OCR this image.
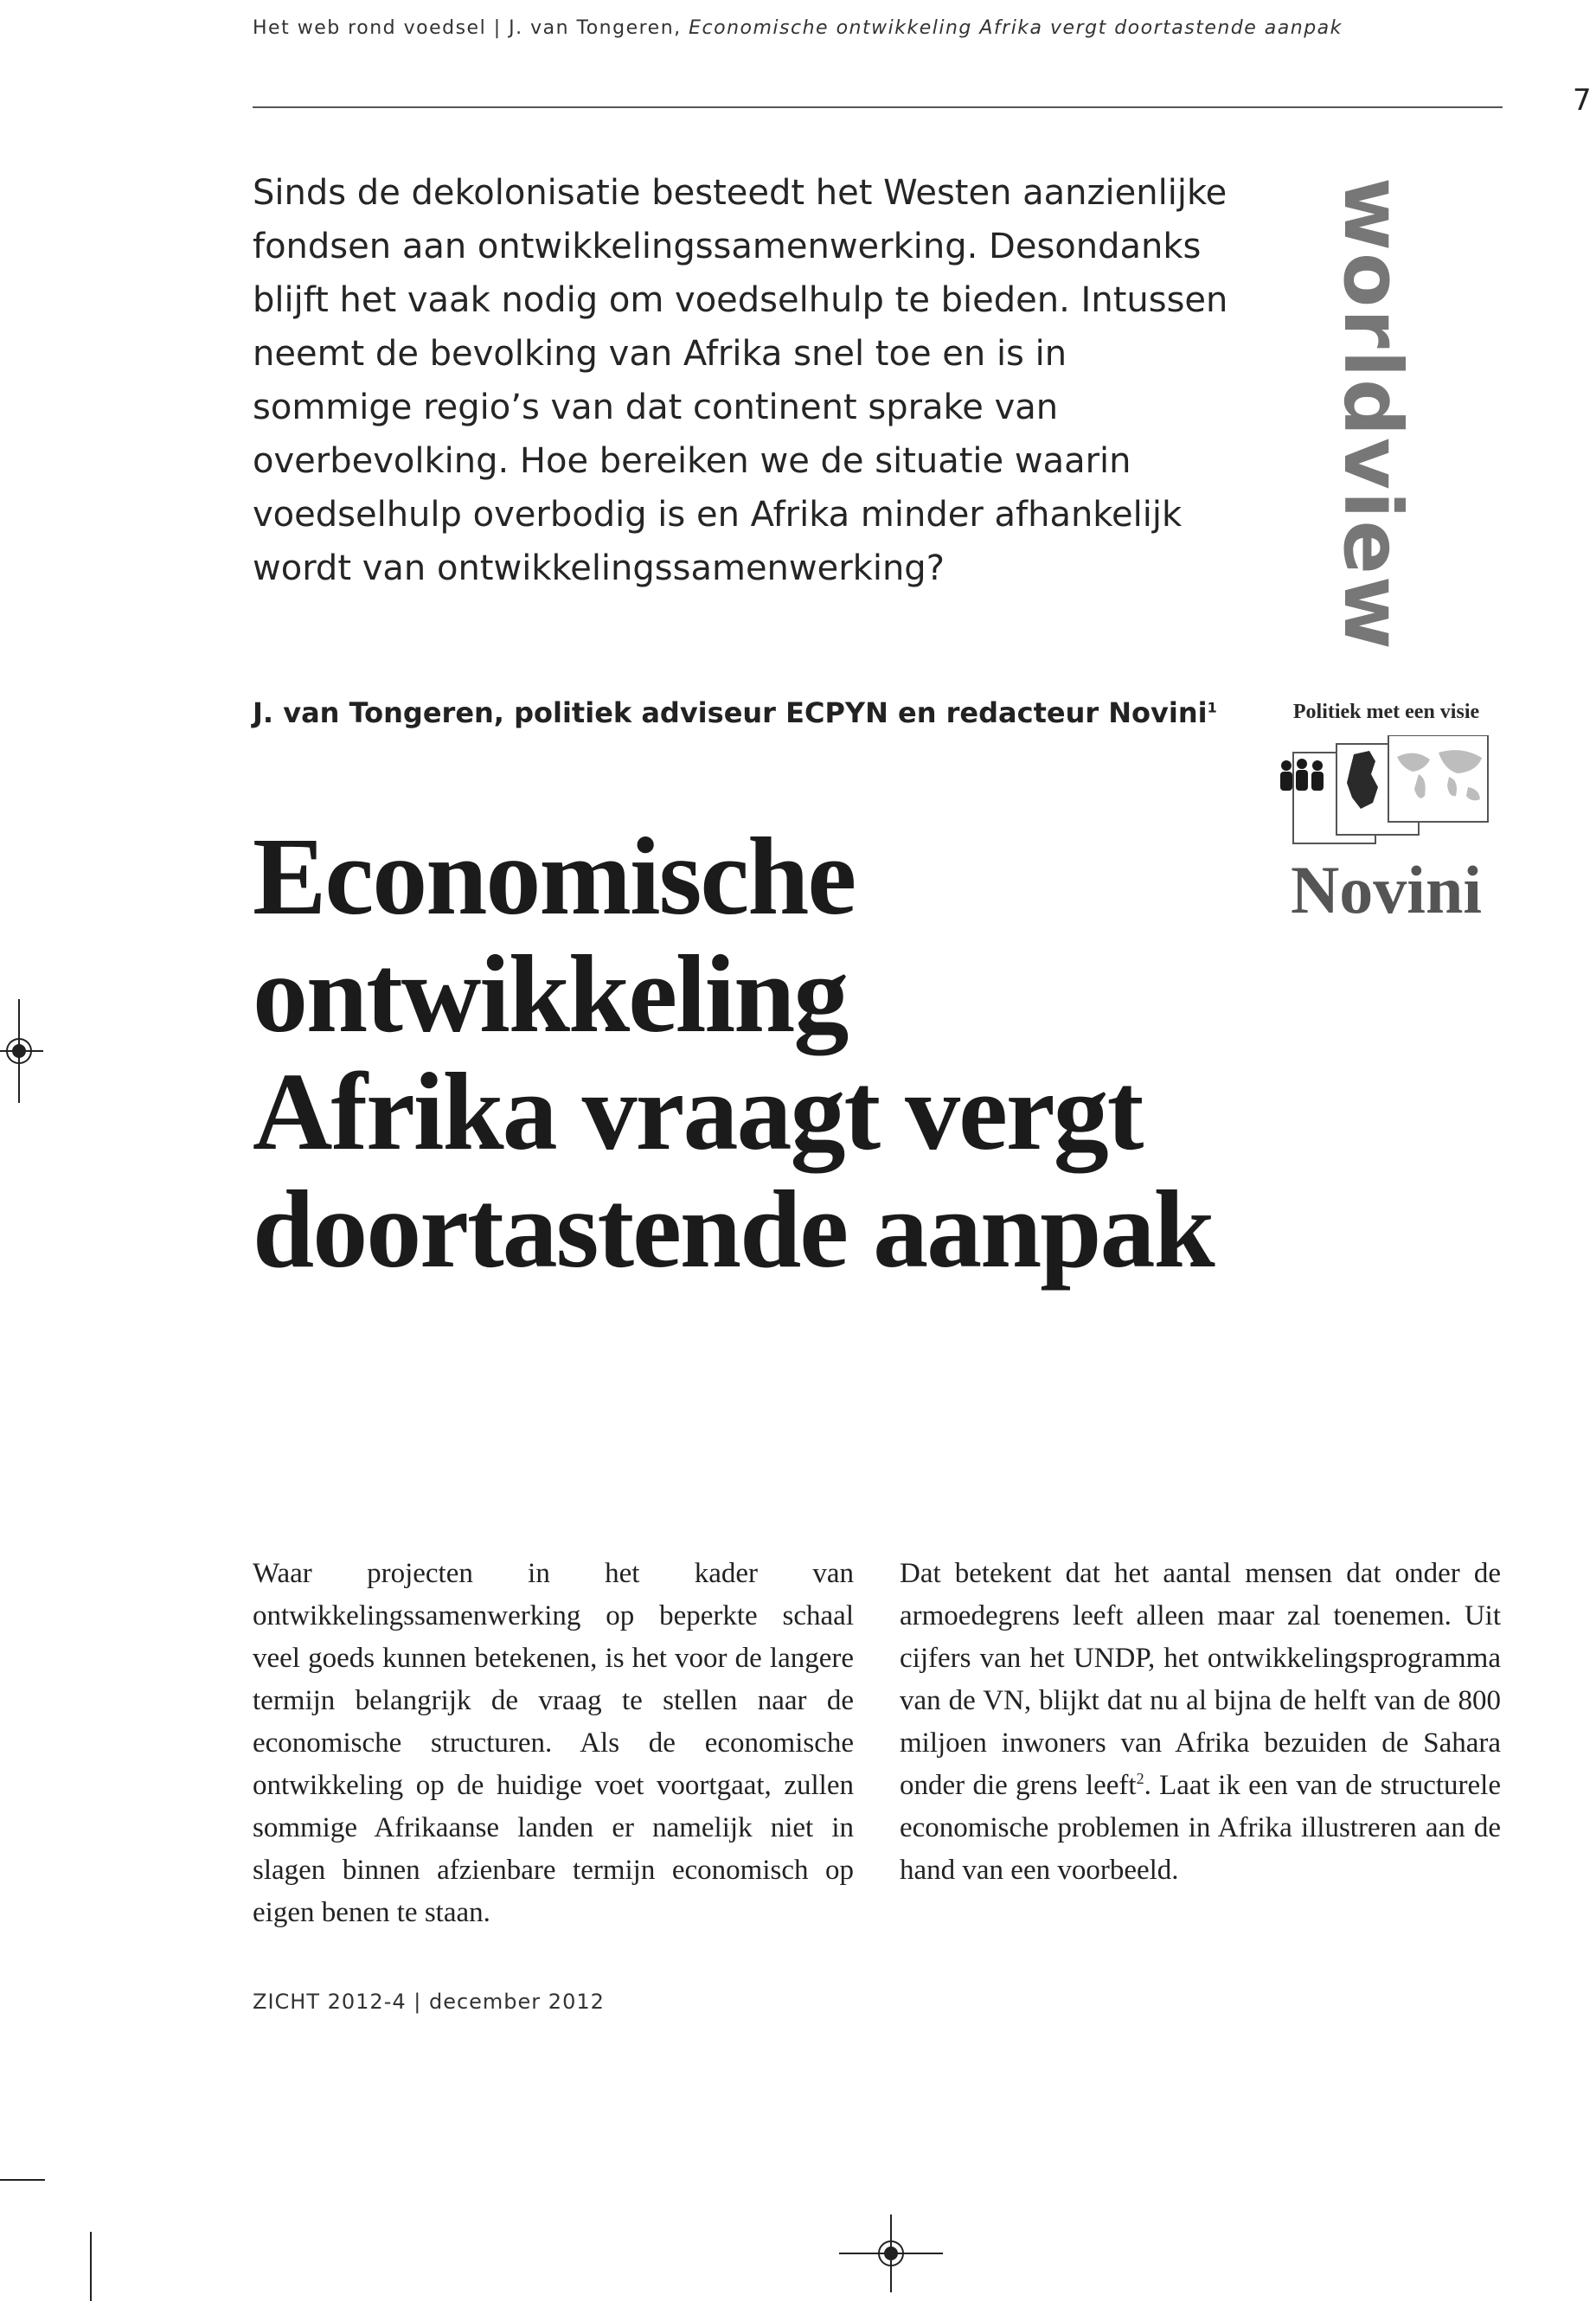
Het web rond voedsel | J. van Tongeren, Economische ontwikkeling Afrika vergt doortastende aanpak
7

Sinds de dekolonisatie besteedt het Westen aanzienlijke fondsen aan ontwikkelingssamenwerking. Desondanks blijft het vaak nodig om voedselhulp te bieden. Intussen neemt de bevolking van Afrika snel toe en is in sommige regio’s van dat continent sprake van overbevolking. Hoe bereiken we de situatie waarin voedselhulp overbodig is en Afrika minder afhankelijk wordt van ontwikkelingssamenwerking?	worldview
J. van Tongeren, politiek adviseur ECPYN en redacteur Novini$^1$	Politiek met een visie
Novini
Economische
ontwikkeling
Afrika vraagt vergt
doortastende aanpak
Waar projecten in het kader van ontwikkelingssamenwerking op beperkte schaal veel goeds kunnen betekenen, is het voor de langere termijn belangrijk de vraag te stellen naar de economische structuren. Als de economische ontwikkeling op de huidige voet voortgaat, zullen sommige Afrikaanse landen er namelijk niet in slagen binnen afzienbare termijn economisch op eigen benen te staan.
Dat betekent dat het aantal mensen dat onder de armoedegrens leeft alleen maar zal toenemen. Uit cijfers van het UNDP, het ontwikkelingsprogramma van de VN, blijkt dat nu al bijna de helft van de 800 miljoen inwoners van Afrika bezuiden de Sahara onder die grens leeft$^2$. Laat ik een van de structurele economische problemen in Afrika illustreren aan de hand van een voorbeeld.
ZICHT 2012-4 | december 2012
